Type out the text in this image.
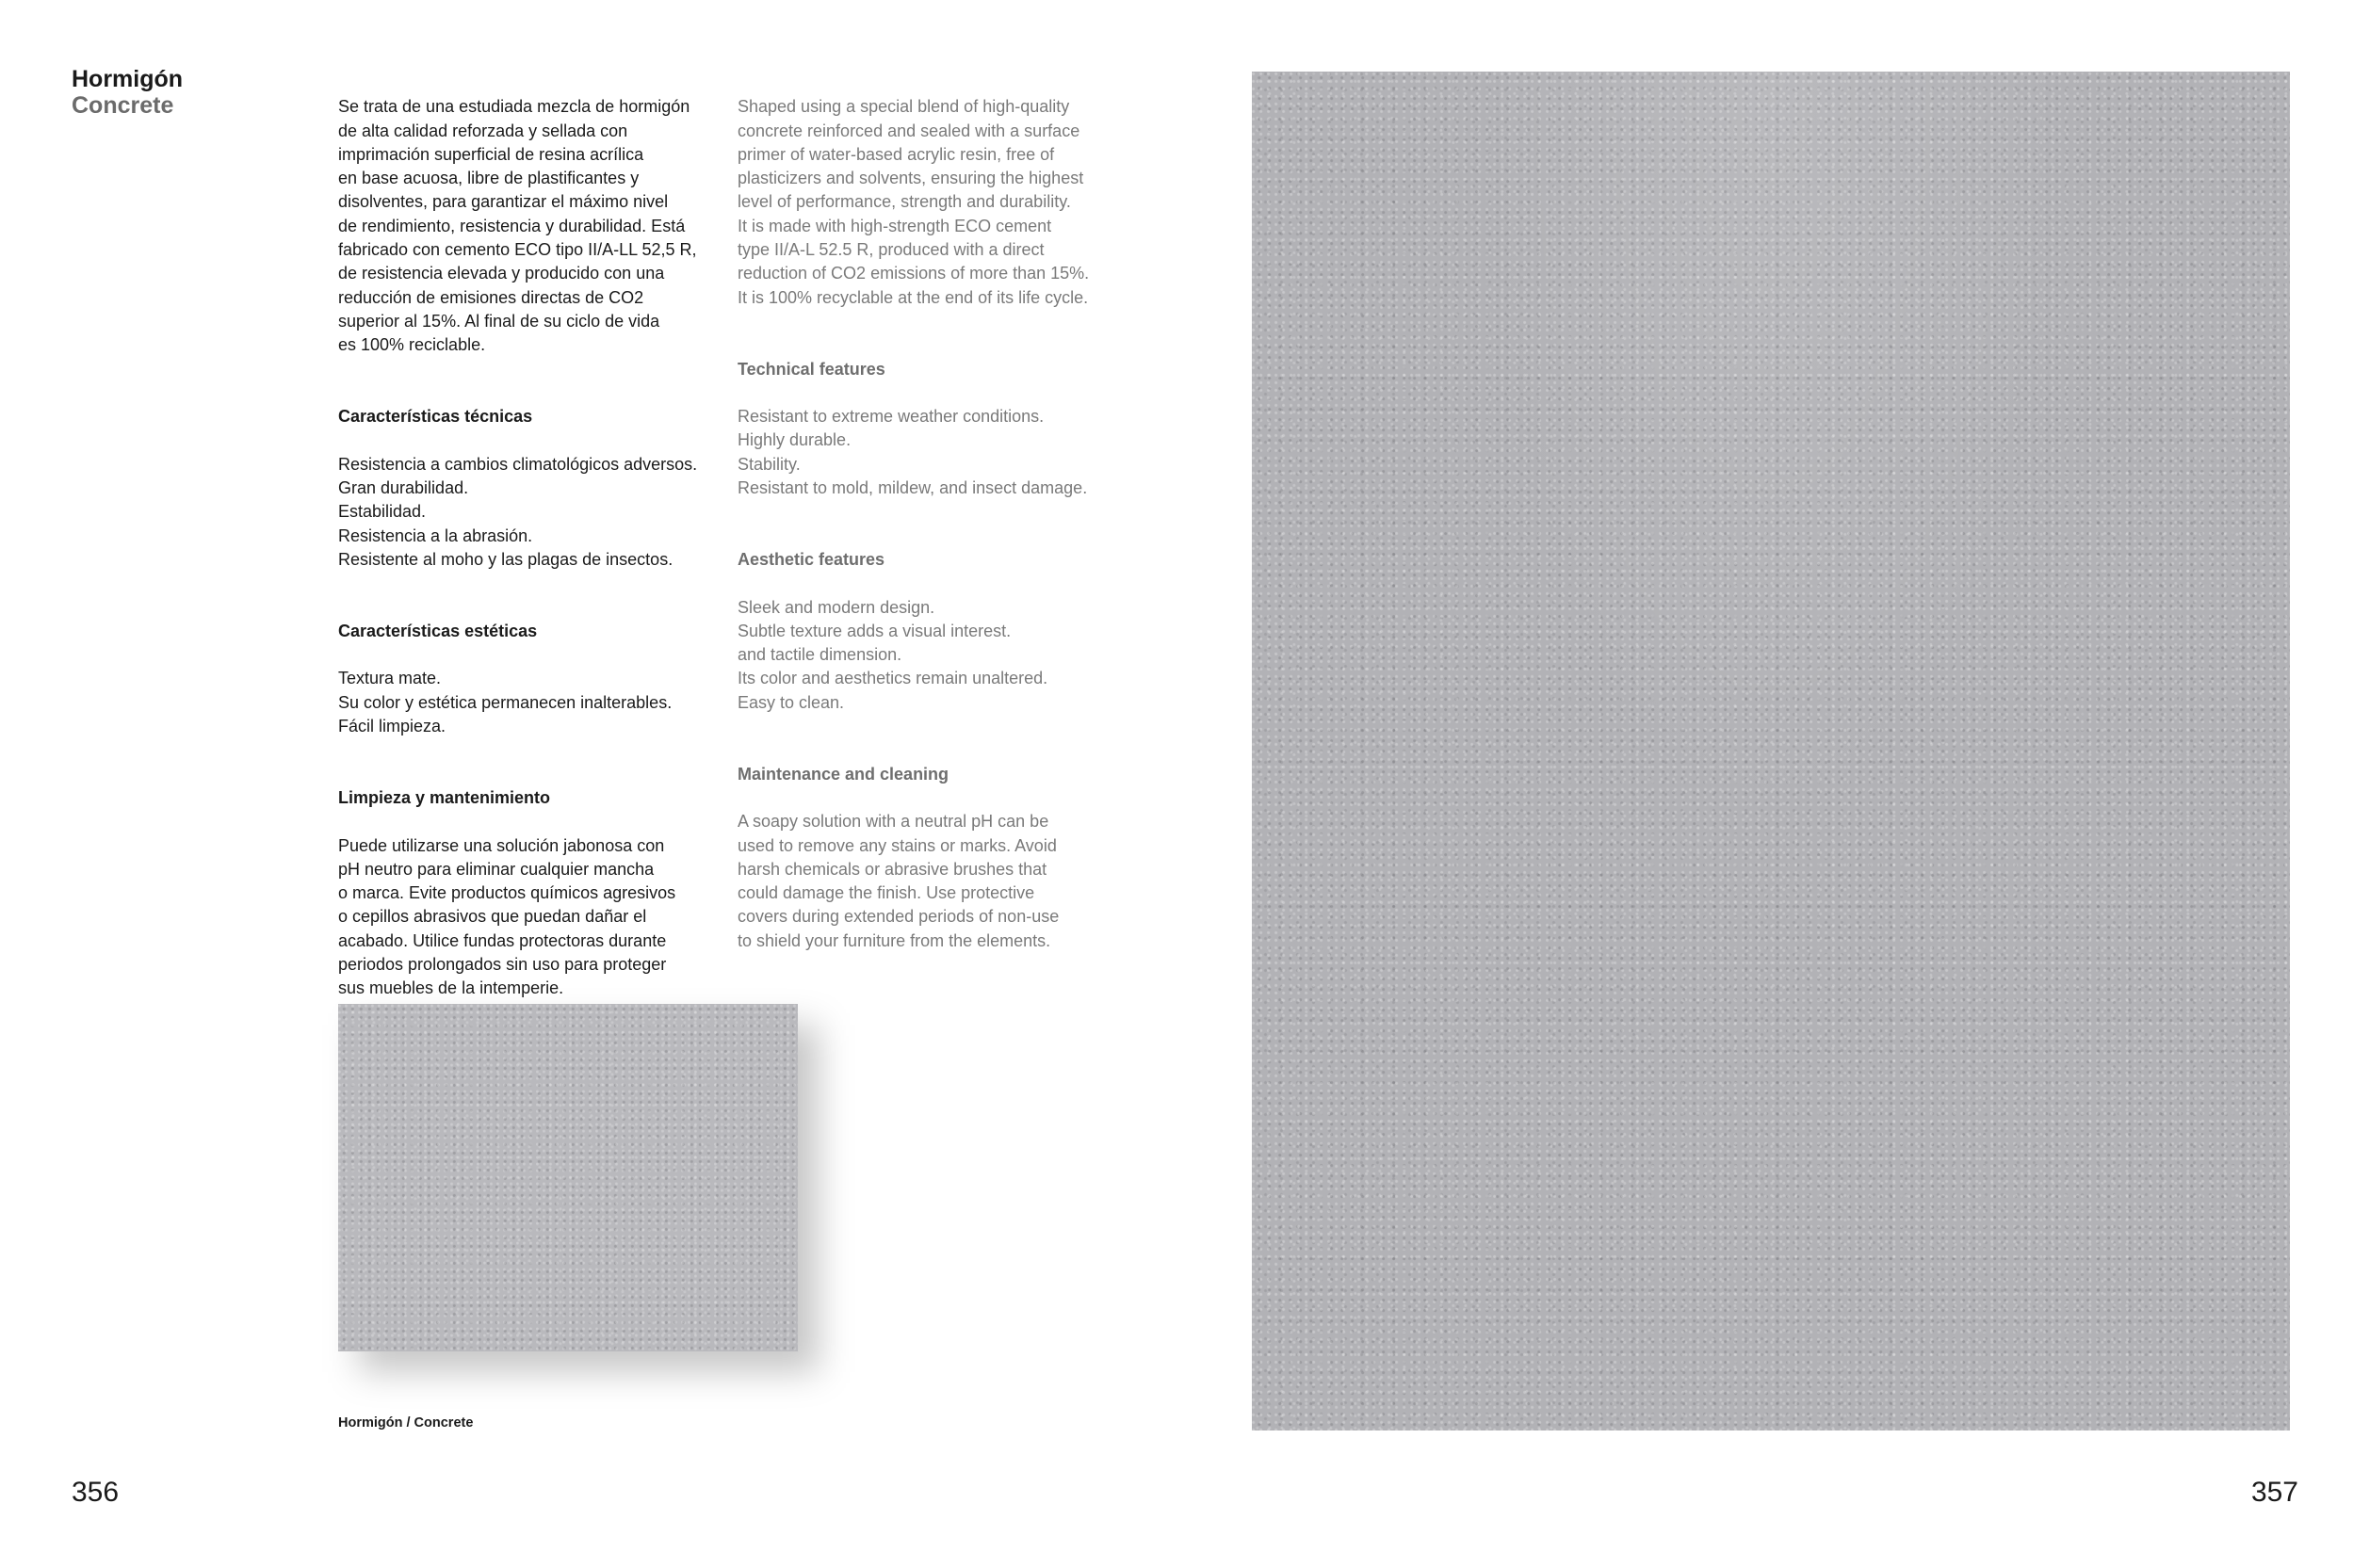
Hormigón
Concrete	Se trata de una estudiada mezcla de hormigón
de alta calidad reforzada y sellada con
imprimación superficial de resina acrílica
en base acuosa, libre de plastificantes y
disolventes, para garantizar el máximo nivel
de rendimiento, resistencia y durabilidad. Está
fabricado con cemento ECO tipo II/A-LL 52,5 R,
de resistencia elevada y producido con una
reducción de emisiones directas de CO2
superior al 15%. Al final de su ciclo de vida
es 100% reciclable.

Características técnicas

Resistencia a cambios climatológicos adversos.
Gran durabilidad.
Estabilidad.
Resistencia a la abrasión.
Resistente al moho y las plagas de insectos.

Características estéticas

Textura mate.
Su color y estética permanecen inalterables.
Fácil limpieza.

Limpieza y mantenimiento

Puede utilizarse una solución jabonosa con
pH neutro para eliminar cualquier mancha
o marca. Evite productos químicos agresivos
o cepillos abrasivos que puedan dañar el
acabado. Utilice fundas protectoras durante
periodos prolongados sin uso para proteger
sus muebles de la intemperie.

Shaped using a special blend of high-quality
concrete reinforced and sealed with a surface
primer of water-based acrylic resin, free of
plasticizers and solvents, ensuring the highest
level of performance, strength and durability.
It is made with high-strength ECO cement
type II/A-L 52.5 R, produced with a direct
reduction of CO2 emissions of more than 15%.
It is 100% recyclable at the end of its life cycle.

Technical features

Resistant to extreme weather conditions.
Highly durable.
Stability.
Resistant to mold, mildew, and insect damage.

Aesthetic features

Sleek and modern design.
Subtle texture adds a visual interest.
and tactile dimension.
Its color and aesthetics remain unaltered.
Easy to clean.

Maintenance and cleaning

A soapy solution with a neutral pH can be
used to remove any stains or marks. Avoid
harsh chemicals or abrasive brushes that
could damage the finish. Use protective
covers during extended periods of non-use
to shield your furniture from the elements.

Hormigón / Concrete
356	357
